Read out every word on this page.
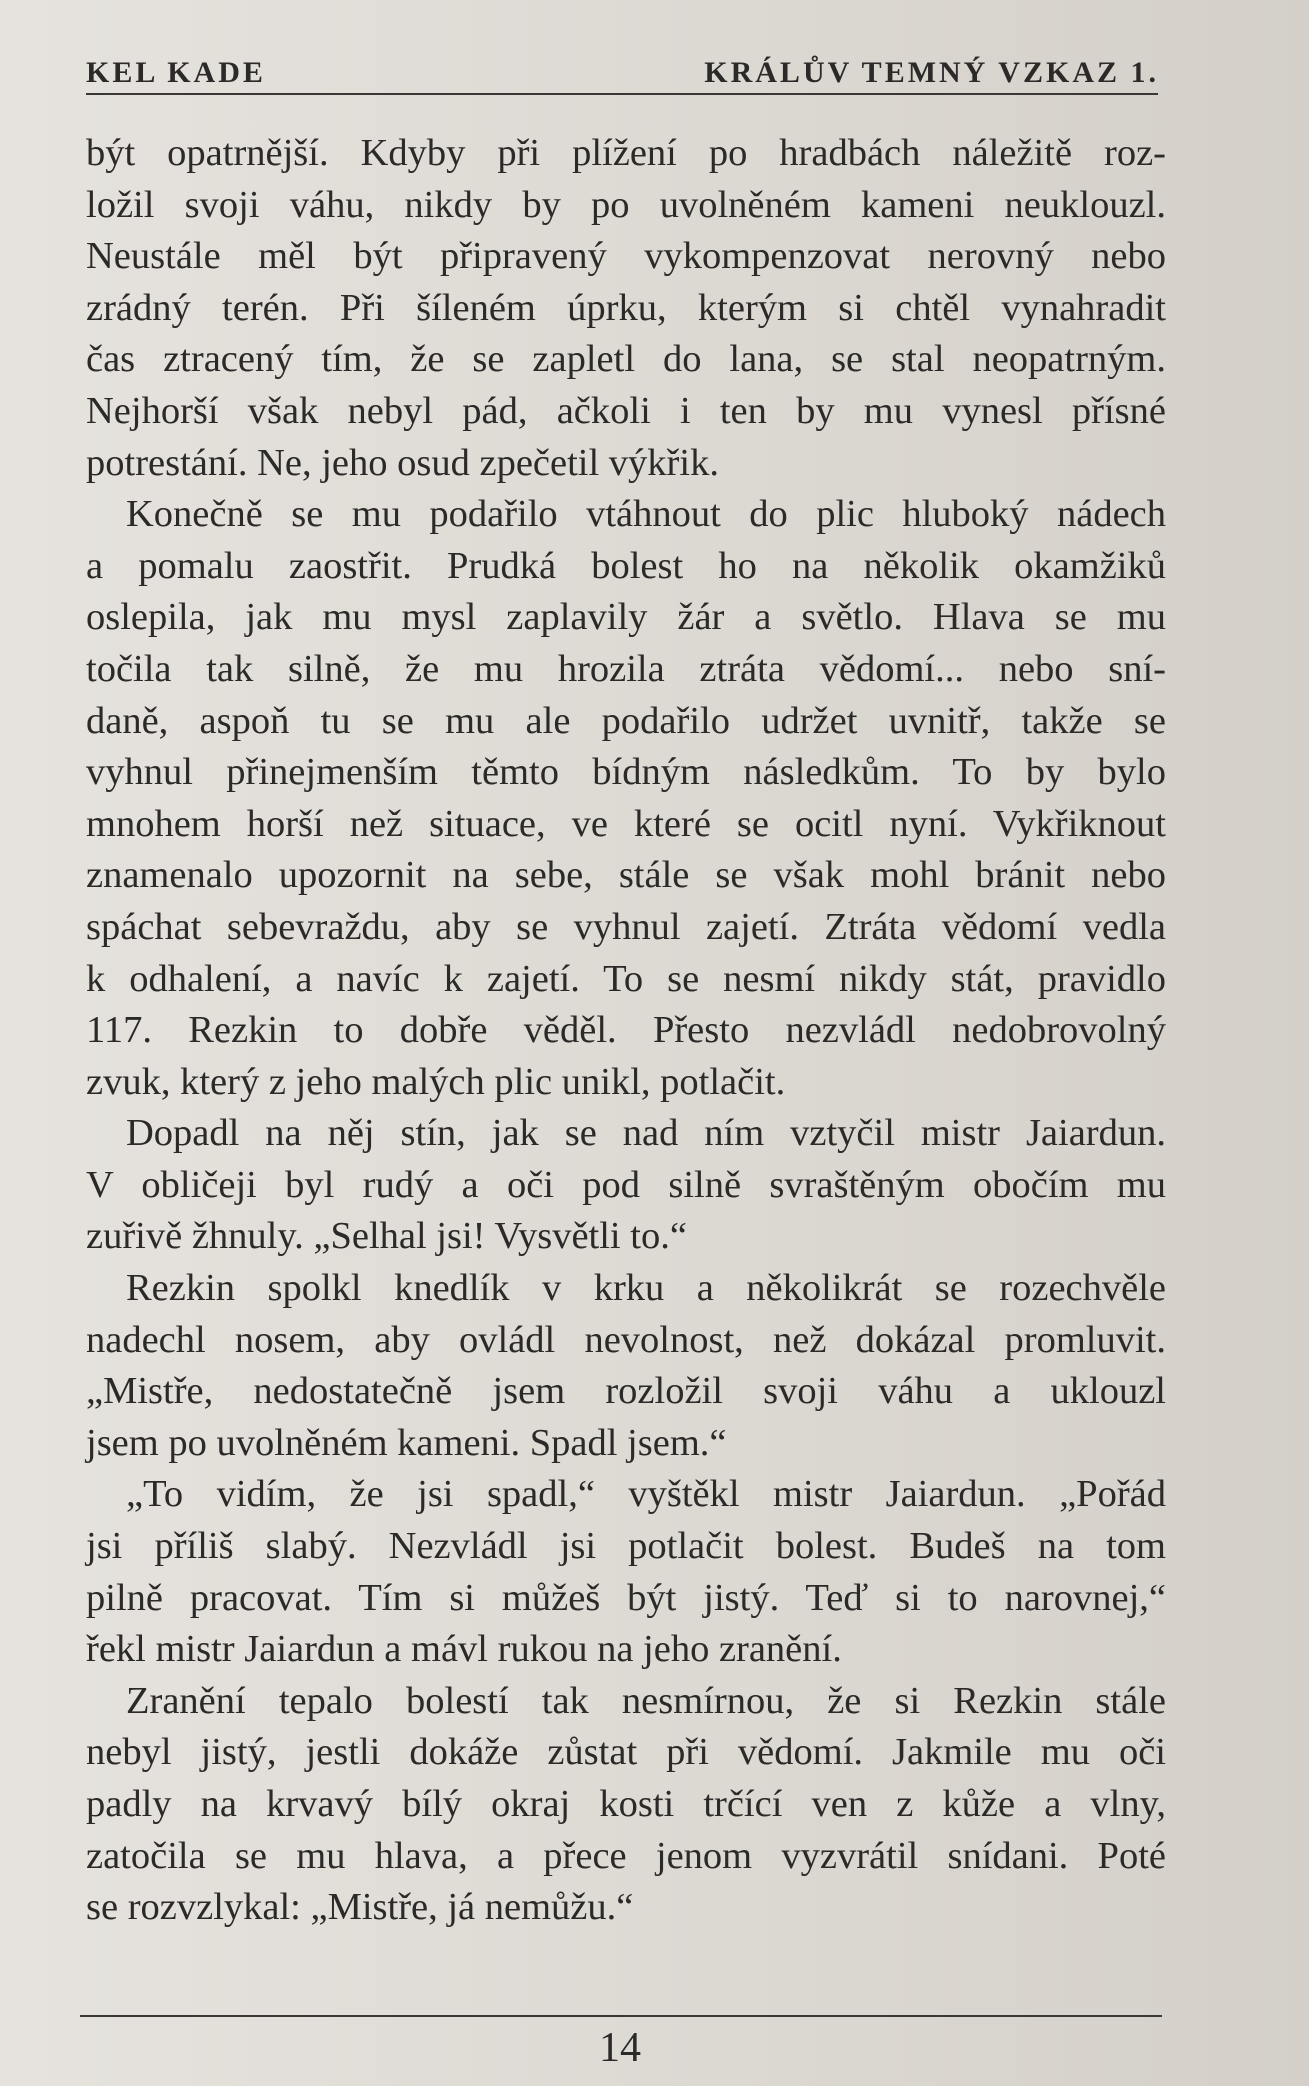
KEL KADE	KRÁLŮV TEMNÝ VZKAZ 1.
být opatrnější. Kdyby při plížení po hradbách náležitě roz-
ložil svoji váhu, nikdy by po uvolněném kameni neuklouzl.
Neustále měl být připravený vykompenzovat nerovný nebo
zrádný terén. Při šíleném úprku, kterým si chtěl vynahradit
čas ztracený tím, že se zapletl do lana, se stal neopatrným.
Nejhorší však nebyl pád, ačkoli i ten by mu vynesl přísné
potrestání. Ne, jeho osud zpečetil výkřik.
Konečně se mu podařilo vtáhnout do plic hluboký nádech
a pomalu zaostřit. Prudká bolest ho na několik okamžiků
oslepila, jak mu mysl zaplavily žár a světlo. Hlava se mu
točila tak silně, že mu hrozila ztráta vědomí... nebo sní-
daně, aspoň tu se mu ale podařilo udržet uvnitř, takže se
vyhnul přinejmenším těmto bídným následkům. To by bylo
mnohem horší než situace, ve které se ocitl nyní. Vykřiknout
znamenalo upozornit na sebe, stále se však mohl bránit nebo
spáchat sebevraždu, aby se vyhnul zajetí. Ztráta vědomí vedla
k odhalení, a navíc k zajetí. To se nesmí nikdy stát, pravidlo
117. Rezkin to dobře věděl. Přesto nezvládl nedobrovolný
zvuk, který z jeho malých plic unikl, potlačit.
Dopadl na něj stín, jak se nad ním vztyčil mistr Jaiardun.
V obličeji byl rudý a oči pod silně svraštěným obočím mu
zuřivě žhnuly. „Selhal jsi! Vysvětli to.“
Rezkin spolkl knedlík v krku a několikrát se rozechvěle
nadechl nosem, aby ovládl nevolnost, než dokázal promluvit.
„Mistře, nedostatečně jsem rozložil svoji váhu a uklouzl
jsem po uvolněném kameni. Spadl jsem.“
„To vidím, že jsi spadl,“ vyštěkl mistr Jaiardun. „Pořád
jsi příliš slabý. Nezvládl jsi potlačit bolest. Budeš na tom
pilně pracovat. Tím si můžeš být jistý. Teď si to narovnej,“
řekl mistr Jaiardun a mávl rukou na jeho zranění.
Zranění tepalo bolestí tak nesmírnou, že si Rezkin stále
nebyl jistý, jestli dokáže zůstat při vědomí. Jakmile mu oči
padly na krvavý bílý okraj kosti trčící ven z kůže a vlny,
zatočila se mu hlava, a přece jenom vyzvrátil snídani. Poté
se rozvzlykal: „Mistře, já nemůžu.“
14
